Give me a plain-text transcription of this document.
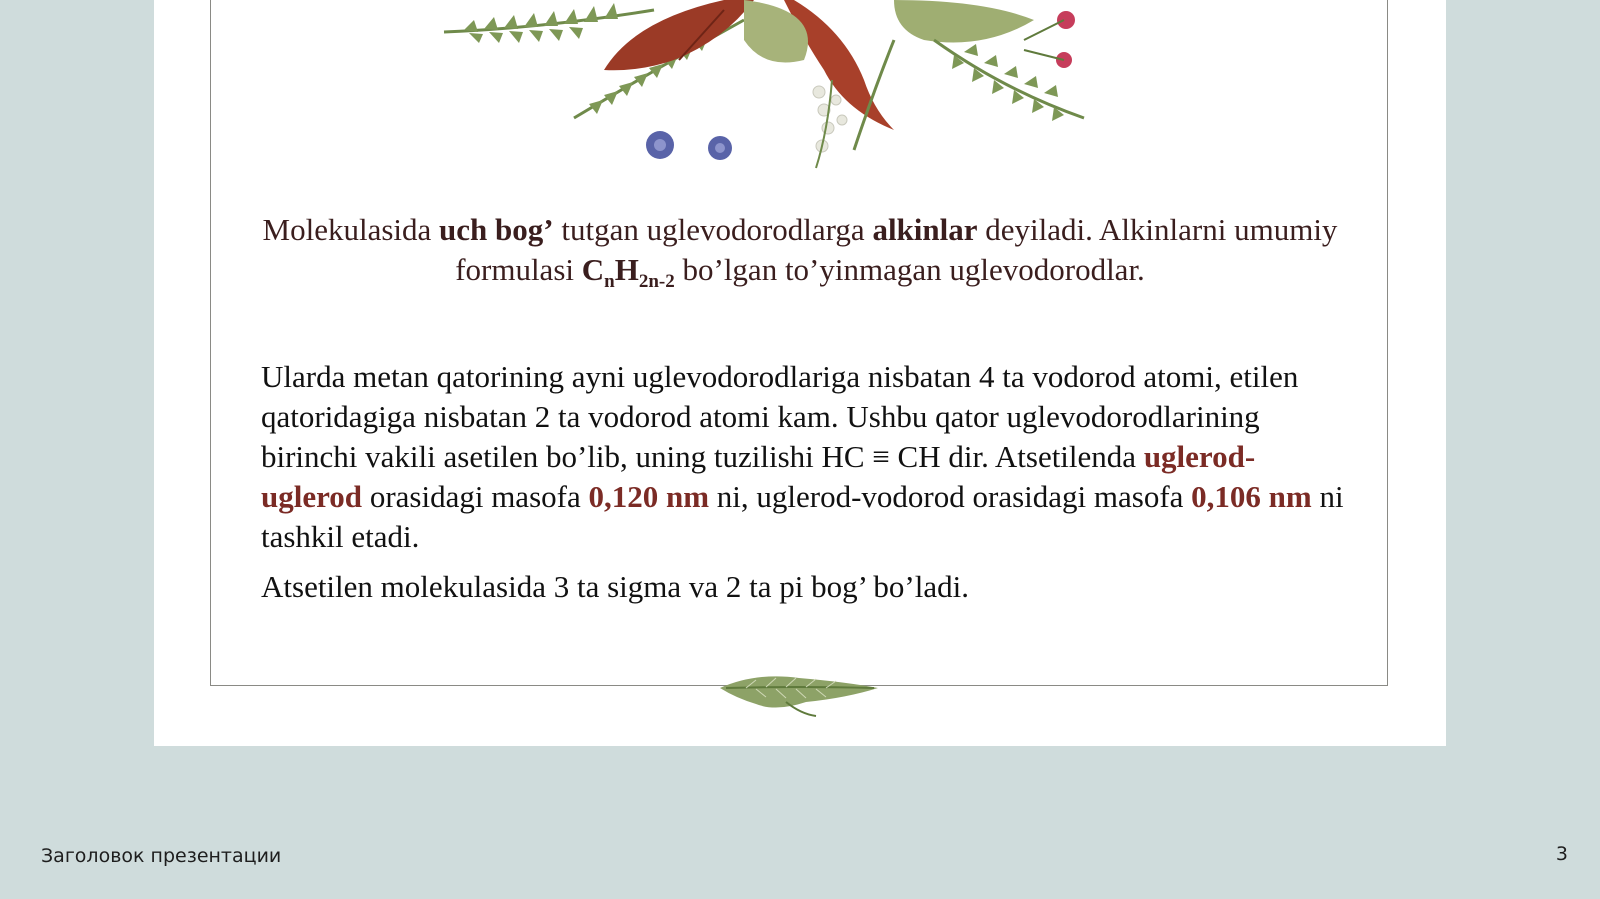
Molekulasida uch bog’ tutgan uglevodorodlarga alkinlar deyiladi. Alkinlarni umumiy formulasi $C_nH_{2n-2}$ bo’lgan to’yinmagan uglevodorodlar.

Ularda metan qatorining ayni uglevodorodlariga nisbatan 4 ta vodorod atomi, etilen qatoridagiga nisbatan 2 ta vodorod atomi kam. Ushbu qator uglevodorodlarining birinchi vakili asetilen bo’lib, uning tuzilishi HC ≡ CH dir. Atsetilenda uglerod-uglerod orasidagi masofa 0,120 nm ni, uglerod-vodorod orasidagi masofa 0,106 nm ni tashkil etadi.

Atsetilen molekulasida 3 ta sigma va 2 ta pi bog’ bo’ladi.

Заголовок презентации	3
